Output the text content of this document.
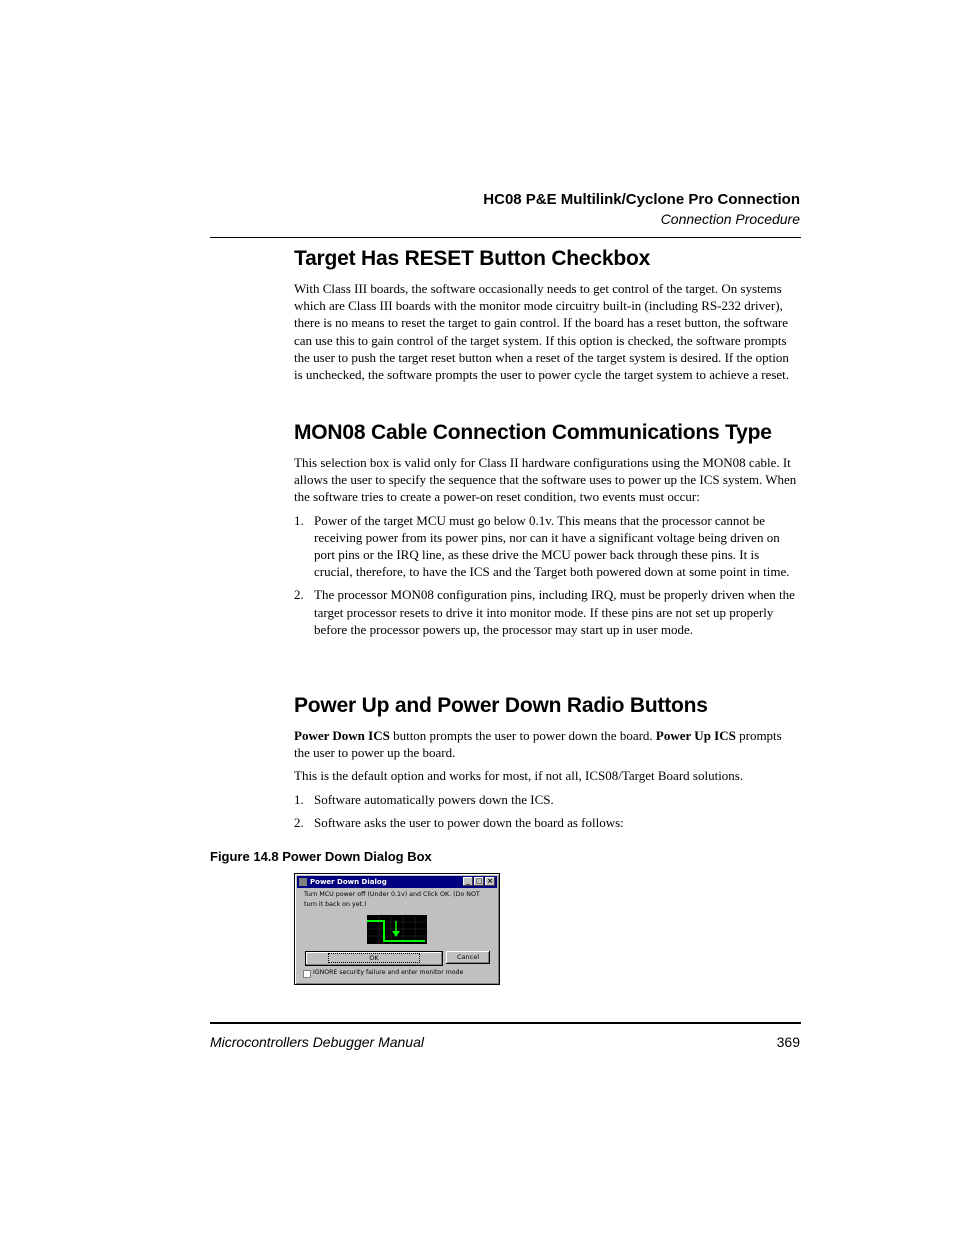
HC08 P&E Multilink/Cyclone Pro Connection
Connection Procedure
Target Has RESET Button Checkbox

With Class III boards, the software occasionally needs to get control of the target. On systems which are Class III boards with the monitor mode circuitry built-in (including RS-232 driver), there is no means to reset the target to gain control. If the board has a reset button, the software can use this to gain control of the target system. If this option is checked, the software prompts the user to push the target reset button when a reset of the target system is desired. If the option is unchecked, the software prompts the user to power cycle the target system to achieve a reset.

MON08 Cable Connection Communications Type

This selection box is valid only for Class II hardware configurations using the MON08 cable. It allows the user to specify the sequence that the software uses to power up the ICS system. When the software tries to create a power-on reset condition, two events must occur:

1. Power of the target MCU must go below 0.1v. This means that the processor cannot be receiving power from its power pins, nor can it have a significant voltage being driven on port pins or the IRQ line, as these drive the MCU power back through these pins. It is crucial, therefore, to have the ICS and the Target both powered down at some point in time.
2. The processor MON08 configuration pins, including IRQ, must be properly driven when the target processor resets to drive it into monitor mode. If these pins are not set up properly before the processor powers up, the processor may start up in user mode.
Power Up and Power Down Radio Buttons

Power Down ICS button prompts the user to power down the board. Power Up ICS prompts the user to power up the board.

This is the default option and works for most, if not all, ICS08/Target Board solutions.

1. Software automatically powers down the ICS.
2. Software asks the user to power down the board as follows:
Figure 14.8 Power Down Dialog Box
Power Down Dialog	_ □ ×
Turn MCU power off (Under 0.1v) and Click OK. (Do NOT turn it back on yet.)
OK	Cancel
IGNORE security failure and enter monitor mode
Microcontrollers Debugger Manual	369
